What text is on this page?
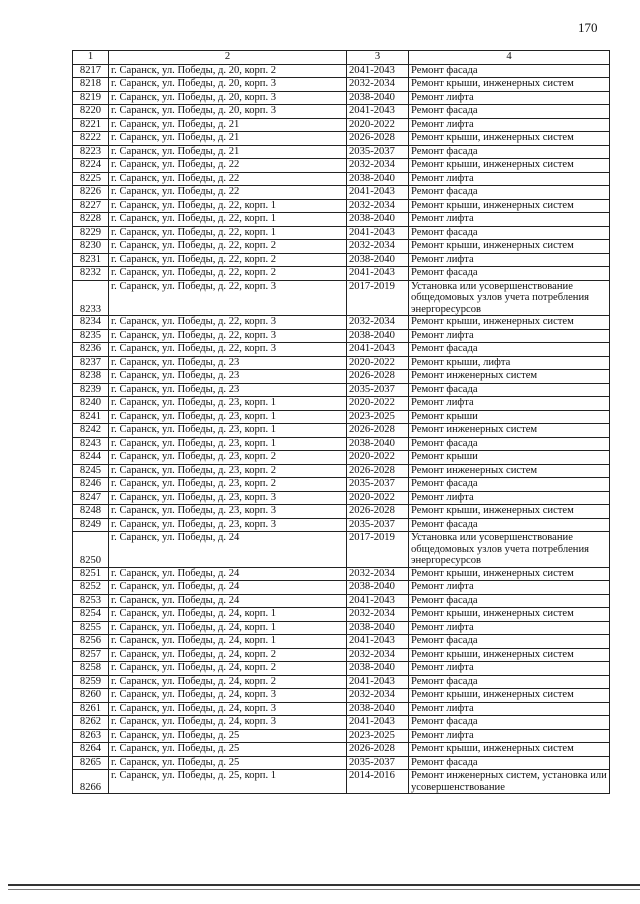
170
1	2	3	4
8217	г. Саранск, ул. Победы, д. 20, корп. 2	2041-2043	Ремонт фасада
8218	г. Саранск, ул. Победы, д. 20, корп. 3	2032-2034	Ремонт крыши, инженерных систем
8219	г. Саранск, ул. Победы, д. 20, корп. 3	2038-2040	Ремонт лифта
8220	г. Саранск, ул. Победы, д. 20, корп. 3	2041-2043	Ремонт фасада
8221	г. Саранск, ул. Победы, д. 21	2020-2022	Ремонт лифта
8222	г. Саранск, ул. Победы, д. 21	2026-2028	Ремонт крыши, инженерных систем
8223	г. Саранск, ул. Победы, д. 21	2035-2037	Ремонт фасада
8224	г. Саранск, ул. Победы, д. 22	2032-2034	Ремонт крыши, инженерных систем
8225	г. Саранск, ул. Победы, д. 22	2038-2040	Ремонт лифта
8226	г. Саранск, ул. Победы, д. 22	2041-2043	Ремонт фасада
8227	г. Саранск, ул. Победы, д. 22, корп. 1	2032-2034	Ремонт крыши, инженерных систем
8228	г. Саранск, ул. Победы, д. 22, корп. 1	2038-2040	Ремонт лифта
8229	г. Саранск, ул. Победы, д. 22, корп. 1	2041-2043	Ремонт фасада
8230	г. Саранск, ул. Победы, д. 22, корп. 2	2032-2034	Ремонт крыши, инженерных систем
8231	г. Саранск, ул. Победы, д. 22, корп. 2	2038-2040	Ремонт лифта
8232	г. Саранск, ул. Победы, д. 22, корп. 2	2041-2043	Ремонт фасада
8233	г. Саранск, ул. Победы, д. 22, корп. 3	2017-2019	Установка или усовершенствование общедомовых узлов учета потребления энергоресурсов
8234	г. Саранск, ул. Победы, д. 22, корп. 3	2032-2034	Ремонт крыши, инженерных систем
8235	г. Саранск, ул. Победы, д. 22, корп. 3	2038-2040	Ремонт лифта
8236	г. Саранск, ул. Победы, д. 22, корп. 3	2041-2043	Ремонт фасада
8237	г. Саранск, ул. Победы, д. 23	2020-2022	Ремонт крыши, лифта
8238	г. Саранск, ул. Победы, д. 23	2026-2028	Ремонт инженерных систем
8239	г. Саранск, ул. Победы, д. 23	2035-2037	Ремонт фасада
8240	г. Саранск, ул. Победы, д. 23, корп. 1	2020-2022	Ремонт лифта
8241	г. Саранск, ул. Победы, д. 23, корп. 1	2023-2025	Ремонт крыши
8242	г. Саранск, ул. Победы, д. 23, корп. 1	2026-2028	Ремонт инженерных систем
8243	г. Саранск, ул. Победы, д. 23, корп. 1	2038-2040	Ремонт фасада
8244	г. Саранск, ул. Победы, д. 23, корп. 2	2020-2022	Ремонт крыши
8245	г. Саранск, ул. Победы, д. 23, корп. 2	2026-2028	Ремонт инженерных систем
8246	г. Саранск, ул. Победы, д. 23, корп. 2	2035-2037	Ремонт фасада
8247	г. Саранск, ул. Победы, д. 23, корп. 3	2020-2022	Ремонт лифта
8248	г. Саранск, ул. Победы, д. 23, корп. 3	2026-2028	Ремонт крыши, инженерных систем
8249	г. Саранск, ул. Победы, д. 23, корп. 3	2035-2037	Ремонт фасада
8250	г. Саранск, ул. Победы, д. 24	2017-2019	Установка или усовершенствование общедомовых узлов учета потребления энергоресурсов
8251	г. Саранск, ул. Победы, д. 24	2032-2034	Ремонт крыши, инженерных систем
8252	г. Саранск, ул. Победы, д. 24	2038-2040	Ремонт лифта
8253	г. Саранск, ул. Победы, д. 24	2041-2043	Ремонт фасада
8254	г. Саранск, ул. Победы, д. 24, корп. 1	2032-2034	Ремонт крыши, инженерных систем
8255	г. Саранск, ул. Победы, д. 24, корп. 1	2038-2040	Ремонт лифта
8256	г. Саранск, ул. Победы, д. 24, корп. 1	2041-2043	Ремонт фасада
8257	г. Саранск, ул. Победы, д. 24, корп. 2	2032-2034	Ремонт крыши, инженерных систем
8258	г. Саранск, ул. Победы, д. 24, корп. 2	2038-2040	Ремонт лифта
8259	г. Саранск, ул. Победы, д. 24, корп. 2	2041-2043	Ремонт фасада
8260	г. Саранск, ул. Победы, д. 24, корп. 3	2032-2034	Ремонт крыши, инженерных систем
8261	г. Саранск, ул. Победы, д. 24, корп. 3	2038-2040	Ремонт лифта
8262	г. Саранск, ул. Победы, д. 24, корп. 3	2041-2043	Ремонт фасада
8263	г. Саранск, ул. Победы, д. 25	2023-2025	Ремонт лифта
8264	г. Саранск, ул. Победы, д. 25	2026-2028	Ремонт крыши, инженерных систем
8265	г. Саранск, ул. Победы, д. 25	2035-2037	Ремонт фасада
8266	г. Саранск, ул. Победы, д. 25, корп. 1	2014-2016	Ремонт инженерных систем, установка или усовершенствование
